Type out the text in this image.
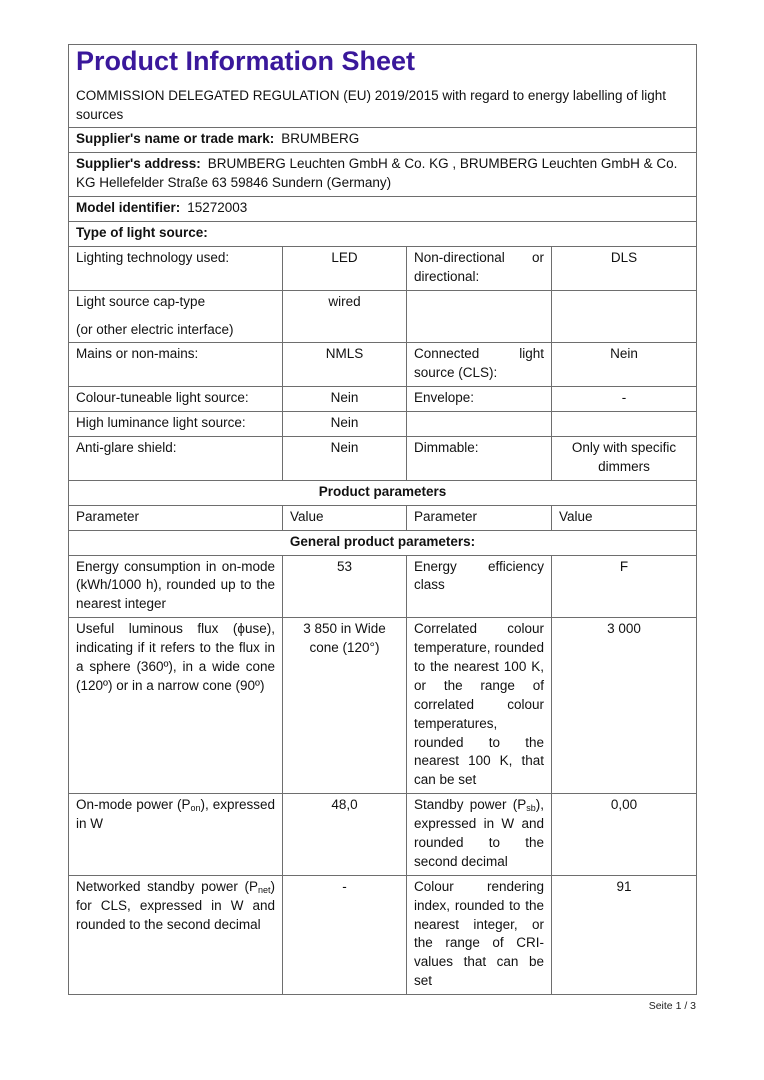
Product Information Sheet

COMMISSION DELEGATED REGULATION (EU) 2019/2015 with regard to energy labelling of light sources

Supplier's name or trade mark: BRUMBERG			
Supplier's address: BRUMBERG Leuchten GmbH & Co. KG , BRUMBERG Leuchten GmbH & Co. KG Hellefelder Straße 63 59846 Sundern (Germany)			
Model identifier: 15272003			
Type of light source:			
Lighting technology used:	LED	Non-directional or directional:	DLS

Light source cap-type
(or other electric interface)	wired		
Mains or non-mains:	NMLS	Connected light source (CLS):	Nein
Colour-tuneable light source:	Nein	Envelope:	-
High luminance light source:	Nein		
Anti-glare shield:	Nein	Dimmable:	Only with specific dimmers
Product parameters			
Parameter	Value	Parameter	Value
General product parameters:			
Energy consumption in on-mode (kWh/1000 h), rounded up to the nearest integer	53	Energy efficiency class	F
Useful luminous flux (ϕuse), indicating if it refers to the flux in a sphere (360º), in a wide cone (120º) or in a narrow cone (90º)	3 850 in Wide cone (120°)	Correlated colour temperature, rounded to the nearest 100 K, or the range of correlated colour temperatures, rounded to the nearest 100 K, that can be set	3 000
On-mode power $(P_{on})$, expressed in W	48,0	Standby power $(P_{sb})$, expressed in W and rounded to the second decimal	0,00
Networked standby power $(P_{net})$ for CLS, expressed in W and rounded to the second decimal	-	Colour rendering index, rounded to the nearest integer, or the range of CRI-values that can be set	91
Seite 1 / 3
